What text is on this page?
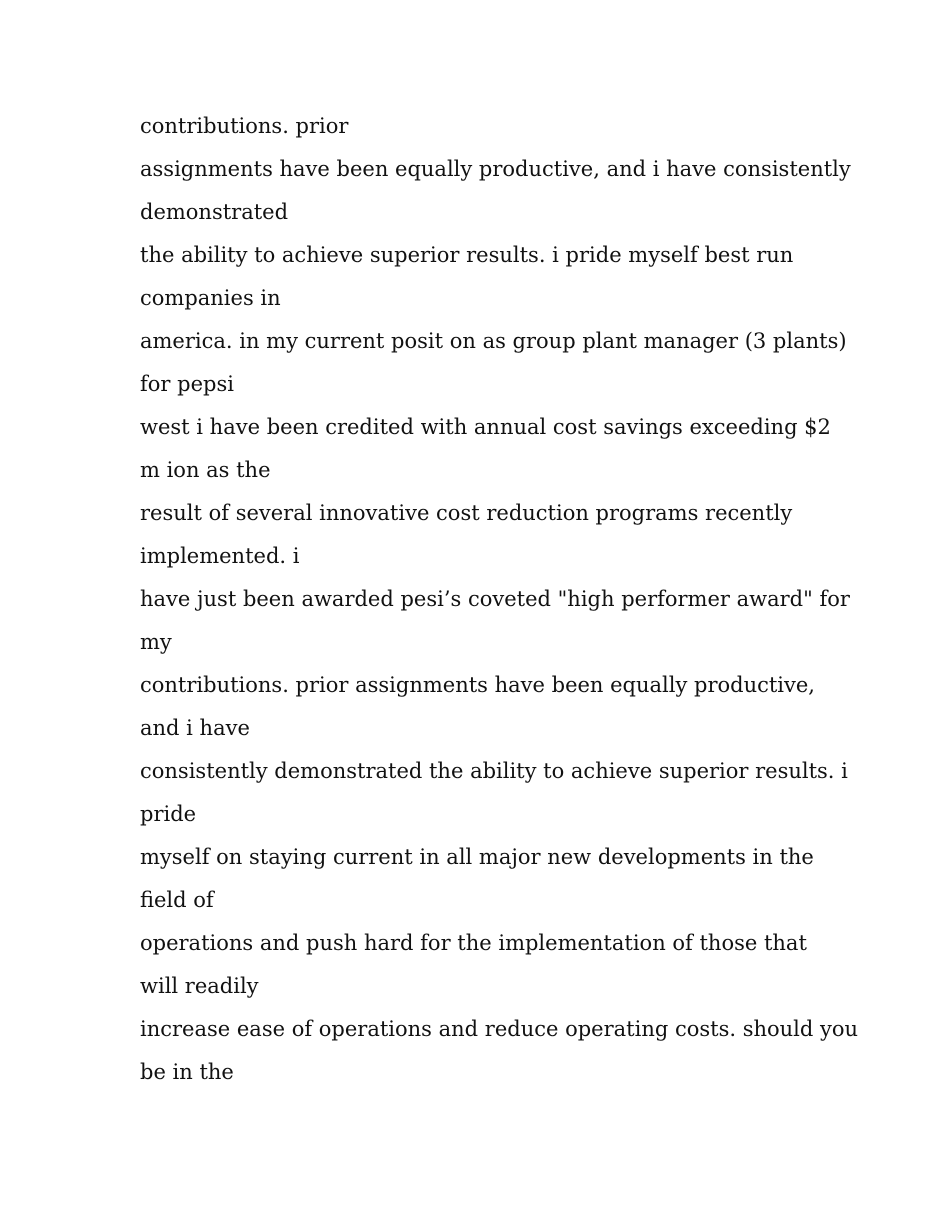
contributions. prior
assignments have been equally productive, and i have consistently
demonstrated
the ability to achieve superior results. i pride myself best run
companies in
america. in my current posit on as group plant manager (3 plants)
for pepsi
west i have been credited with annual cost savings exceeding $2
m ion as the
result of several innovative cost reduction programs recently
implemented. i
have just been awarded pesi’s coveted "high performer award" for
my
contributions. prior assignments have been equally productive,
and i have
consistently demonstrated the ability to achieve superior results. i
pride
myself on staying current in all major new developments in the
field of
operations and push hard for the implementation of those that
will readily
increase ease of operations and reduce operating costs. should you
be in the
